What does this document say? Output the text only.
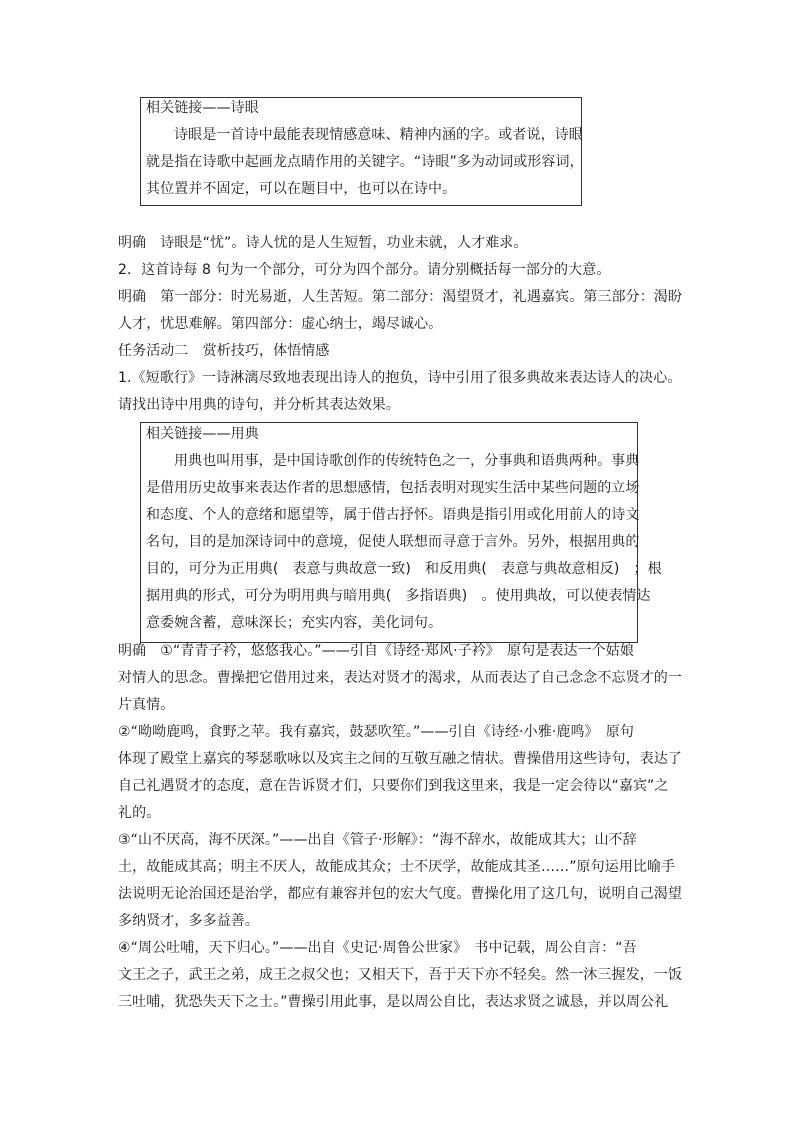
相关链接——诗眼
诗眼是一首诗中最能表现情感意味、精神内涵的字。或者说，诗眼
就是指在诗歌中起画龙点睛作用的关键字。“诗眼”多为动词或形容词，
其位置并不固定，可以在题目中，也可以在诗中。
明确　诗眼是“忧”。诗人忧的是人生短暂，功业未就，人才难求。
2．这首诗每 8 句为一个部分，可分为四个部分。请分别概括每一部分的大意。
明确　第一部分：时光易逝，人生苦短。第二部分：渴望贤才，礼遇嘉宾。第三部分：渴盼
人才，忧思难解。第四部分：虚心纳士，竭尽诚心。
任务活动二　赏析技巧，体悟情感
1.《短歌行》一诗淋漓尽致地表现出诗人的抱负，诗中引用了很多典故来表达诗人的决心。
请找出诗中用典的诗句，并分析其表达效果。
相关链接——用典
用典也叫用事，是中国诗歌创作的传统特色之一，分事典和语典两种。事典
是借用历史故事来表达作者的思想感情，包括表明对现实生活中某些问题的立场
和态度、个人的意绪和愿望等，属于借古抒怀。语典是指引用或化用前人的诗文
名句，目的是加深诗词中的意境，促使人联想而寻意于言外。另外，根据用典的
目的，可分为正用典(　表意与典故意一致)　和反用典(　表意与典故意相反)　；根
据用典的形式，可分为明用典与暗用典(　多指语典)　。使用典故，可以使表情达
意委婉含蓄，意味深长；充实内容，美化词句。
明确　①“青青子衿，悠悠我心。”——引自《诗经·郑风·子衿》　原句是表达一个姑娘
对情人的思念。曹操把它借用过来，表达对贤才的渴求，从而表达了自己念念不忘贤才的一
片真情。
②“呦呦鹿鸣，食野之苹。我有嘉宾，鼓瑟吹笙。”——引自《诗经·小雅·鹿鸣》　原句
体现了殿堂上嘉宾的琴瑟歌咏以及宾主之间的互敬互融之情状。曹操借用这些诗句，表达了
自己礼遇贤才的态度，意在告诉贤才们，只要你们到我这里来，我是一定会待以“嘉宾”之
礼的。
③“山不厌高，海不厌深。”——出自《管子·形解》：“海不辞水，故能成其大；山不辞
土，故能成其高；明主不厌人，故能成其众；士不厌学，故能成其圣……”原句运用比喻手
法说明无论治国还是治学，都应有兼容并包的宏大气度。曹操化用了这几句，说明自己渴望
多纳贤才，多多益善。
④“周公吐哺，天下归心。”——出自《史记·周鲁公世家》　书中记载，周公自言：“吾
文王之子，武王之弟，成王之叔父也；又相天下，吾于天下亦不轻矣。然一沐三握发，一饭
三吐哺，犹恐失天下之士。”曹操引用此事，是以周公自比，表达求贤之诚恳，并以周公礼
